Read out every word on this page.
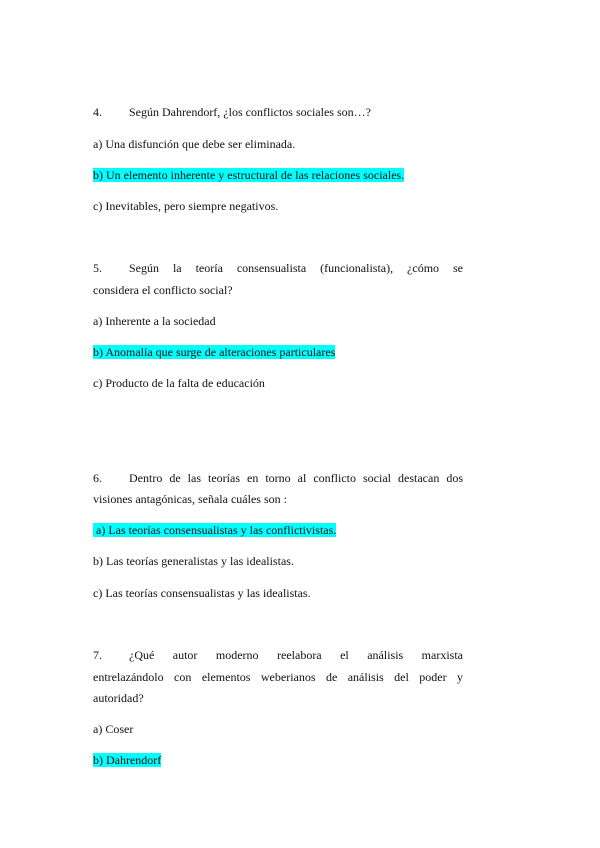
4. Según Dahrendorf, ¿los conflictos sociales son…?
a) Una disfunción que debe ser eliminada.
b) Un elemento inherente y estructural de las relaciones sociales.
c) Inevitables, pero siempre negativos.
5. Según la teoría consensualista (funcionalista), ¿cómo se
considera el conflicto social?
a) Inherente a la sociedad
b) Anomalía que surge de alteraciones particulares
c) Producto de la falta de educación
6. Dentro de las teorías en torno al conflicto social destacan dos
visiones antagónicas, señala cuáles son :
a) Las teorías consensualistas y las conflictivistas.
b) Las teorías generalistas y las idealistas.
c) Las teorías consensualistas y las idealistas.
7. ¿Qué autor moderno reelabora el análisis marxista
entrelazándolo con elementos weberianos de análisis del poder y
autoridad?
a) Coser
b) Dahrendorf
